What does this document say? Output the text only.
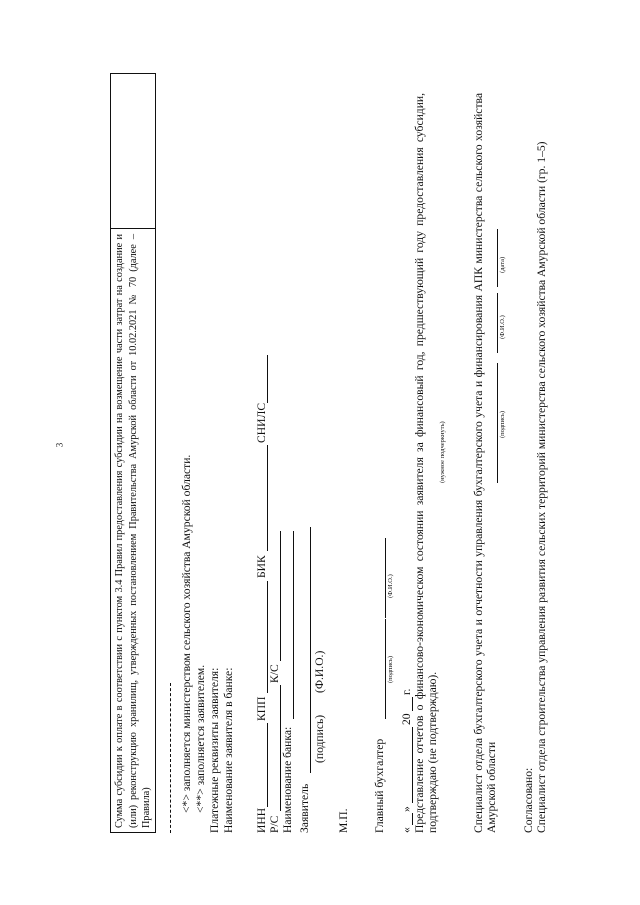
3	Сумма субсидии к оплате в соответствии с пунктом 3.4 Правил предоставления субсидии на возмещение части затрат на создание и (или) реконструкцию хранилищ, утвержденных постановлением Правительства Амурской области от 10.02.2021 № 70 (далее – Правила) <*> заполняется министерством сельского хозяйства Амурской области. <**> заполняется заявителем. Платежные реквизиты заявителя: Наименование заявителя в банке: ИНН
КПП
БИК
СНИЛС
Р/С
К/С
Наименование банка: Заявитель
(подпись)
(Ф.И.О.)
М.П. Главный бухгалтер
(подпись)
(Ф.И.О.)
«
»
20
г. Представление отчетов о финансово-экономическом состоянии заявителя за финансовый год, предшествующий году предоставления субсидии, подтверждаю (не подтверждаю).
(нужное подчеркнуть) Специалист отдела бухгалтерского учета и отчетности управления бухгалтерского учета и финансирования АПК министерства сельского хозяйства Амурской области
(подпись)
(Ф.И.О.)
(дата)
Согласовано: Специалист отдела строительства управления развития сельских территорий министерства сельского хозяйства Амурской области (гр. 1–5)
